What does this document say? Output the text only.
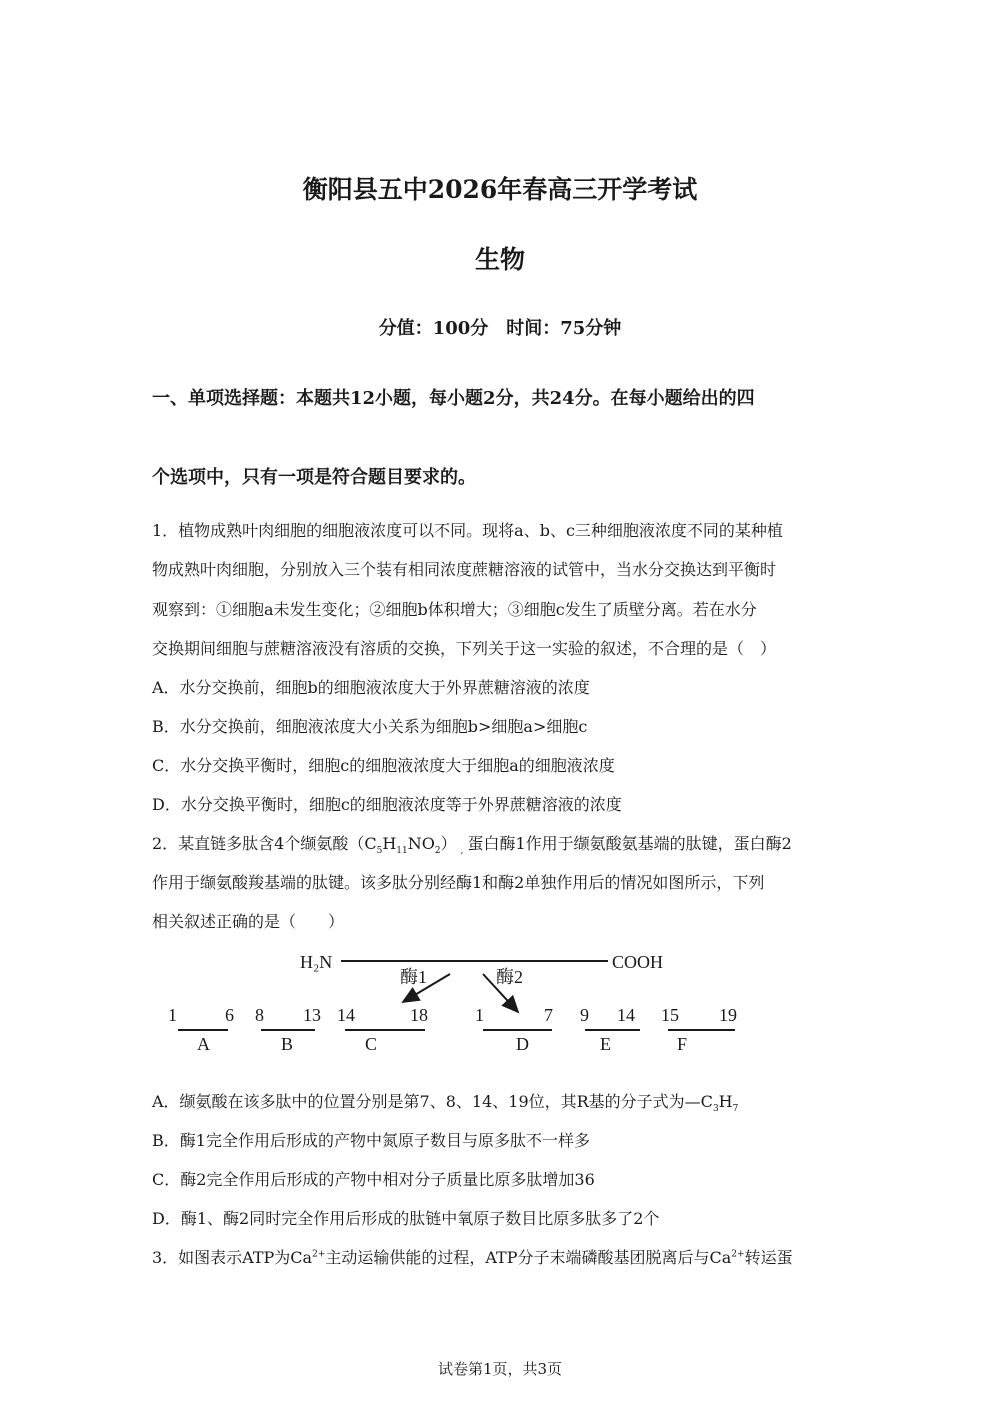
衡阳县五中2026年春高三开学考试
生物
分值：100分　时间：75分钟
一、单项选择题：本题共12小题，每小题2分，共24分。在每小题给出的四
个选项中，只有一项是符合题目要求的。
1．植物成熟叶肉细胞的细胞液浓度可以不同。现将a、b、c三种细胞液浓度不同的某种植
物成熟叶肉细胞，分别放入三个装有相同浓度蔗糖溶液的试管中，当水分交换达到平衡时
观察到：①细胞a未发生变化；②细胞b体积增大；③细胞c发生了质壁分离。若在水分
交换期间细胞与蔗糖溶液没有溶质的交换，下列关于这一实验的叙述，不合理的是（　）
A．水分交换前，细胞b的细胞液浓度大于外界蔗糖溶液的浓度
B．水分交换前，细胞液浓度大小关系为细胞b>细胞a>细胞c
C．水分交换平衡时，细胞c的细胞液浓度大于细胞a的细胞液浓度
D．水分交换平衡时，细胞c的细胞液浓度等于外界蔗糖溶液的浓度
2．某直链多肽含4个缬氨酸$(C_5H_{11}NO_2)$ $_,$ 蛋白酶1作用于缬氨酸氨基端的肽键，蛋白酶2
作用于缬氨酸羧基端的肽键。该多肽分别经酶1和酶2单独作用后的情况如图所示，下列
相关叙述正确的是（　　）
H₂N	COOH
酶1	酶2
1	6
A
8 13
B
14	18
C
1	7
D
9 14
E
15 19
F
A．缬氨酸在该多肽中的位置分别是第7、8、14、19位，其R基的分子式为$—C_3H_7$
B．酶1完全作用后形成的产物中氮原子数目与原多肽不一样多
C．酶2完全作用后形成的产物中相对分子质量比原多肽增加36
D．酶1、酶2同时完全作用后形成的肽链中氧原子数目比原多肽多了2个
3．如图表示ATP为$Ca^{2+}$主动运输供能的过程，ATP分子末端磷酸基团脱离后与$Ca^{2+}$转运蛋
试卷第1页，共3页
